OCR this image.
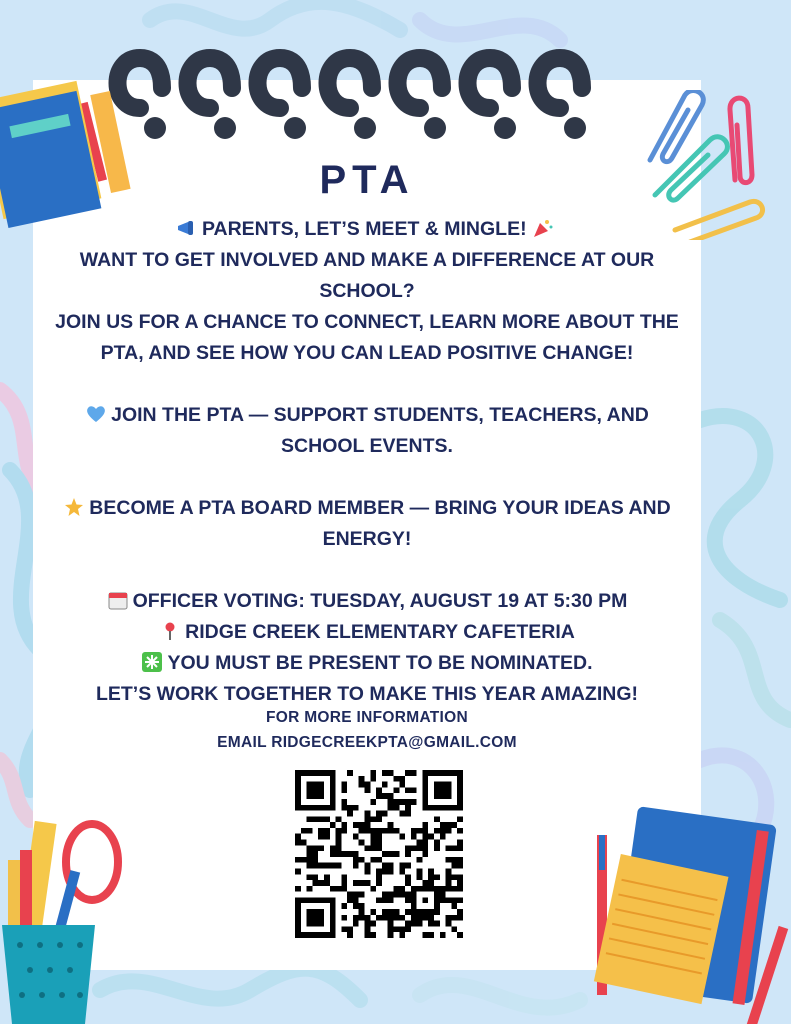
PTA

PARENTS, LET’S MEET & MINGLE!

WANT TO GET INVOLVED AND MAKE A DIFFERENCE AT OUR SCHOOL?

JOIN US FOR A CHANCE TO CONNECT, LEARN MORE ABOUT THE PTA, AND SEE HOW YOU CAN LEAD POSITIVE CHANGE!

JOIN THE PTA — SUPPORT STUDENTS, TEACHERS, AND SCHOOL EVENTS.

BECOME A PTA BOARD MEMBER — BRING YOUR IDEAS AND ENERGY!

OFFICER VOTING: TUESDAY, AUGUST 19 AT 5:30 PM

RIDGE CREEK ELEMENTARY CAFETERIA

YOU MUST BE PRESENT TO BE NOMINATED.

LET’S WORK TOGETHER TO MAKE THIS YEAR AMAZING!

FOR MORE INFORMATION

EMAIL RIDGECREEKPTA@GMAIL.COM
